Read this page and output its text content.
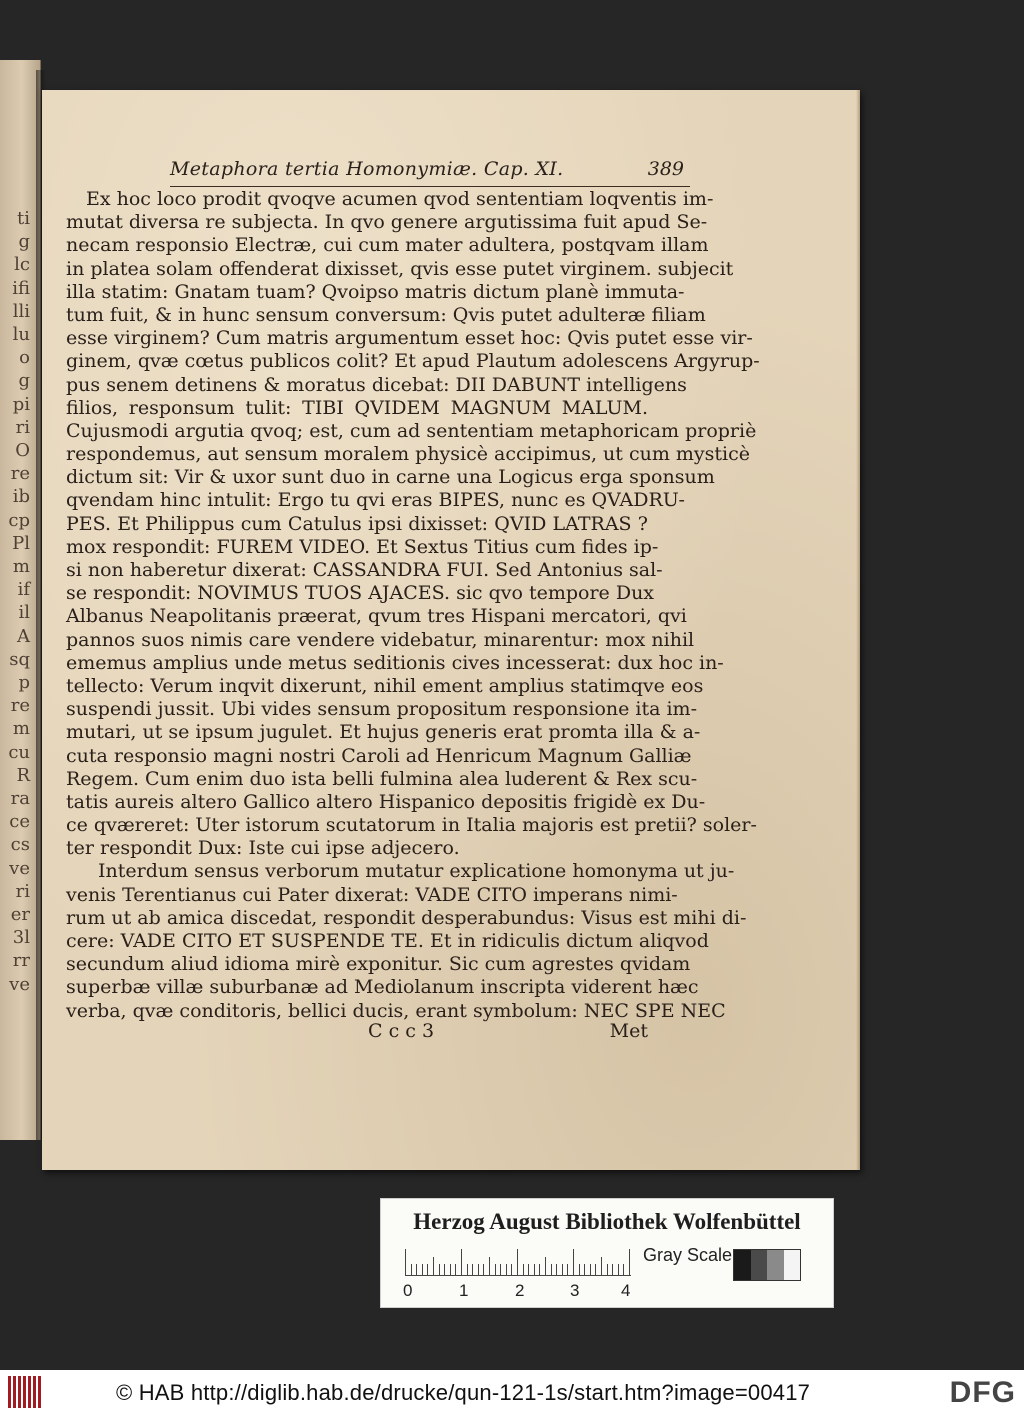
ti
g
lc
ifi
lli
lu
o
g
pi
ri
O
re
ib
cp
Pl
m
if
il
A
sq
p
re
m
cu
R
ra
ce
cs
ve
ri
er
3l
rr
ve
Metaphora tertia Homonymiæ. Cap. XI.	389
Ex hoc loco prodit qvoqve acumen qvod sententiam loqventis im-
mutat diversa re subjecta. In qvo genere argutissima fuit apud Se-
necam responsio Electræ, cui cum mater adultera, postqvam illam
in platea solam offenderat dixisset, qvis esse putet virginem. subjecit
illa statim: Gnatam tuam? Qvoipso matris dictum planè immuta-
tum fuit, & in hunc sensum conversum: Qvis putet adulteræ filiam
esse virginem? Cum matris argumentum esset hoc: Qvis putet esse vir-
ginem, qvæ cœtus publicos colit? Et apud Plautum adolescens Argyrup-
pus senem detinens & moratus dicebat: DII DABUNT intelligens
filios, responsum tulit: TIBI QVIDEM MAGNUM MALUM.
Cujusmodi argutia qvoq; est, cum ad sententiam metaphoricam propriè
respondemus, aut sensum moralem physicè accipimus, ut cum mysticè
dictum sit: Vir & uxor sunt duo in carne una Logicus erga sponsum
qvendam hinc intulit: Ergo tu qvi eras BIPES, nunc es QVADRU-
PES. Et Philippus cum Catulus ipsi dixisset: QVID LATRAS ?
mox respondit: FUREM VIDEO. Et Sextus Titius cum fides ip-
si non haberetur dixerat: CASSANDRA FUI. Sed Antonius sal-
se respondit: NOVIMUS TUOS AJACES. sic qvo tempore Dux
Albanus Neapolitanis præerat, qvum tres Hispani mercatori, qvi
pannos suos nimis care vendere videbatur, minarentur: mox nihil
ememus amplius unde metus seditionis cives incesserat: dux hoc in-
tellecto: Verum inqvit dixerunt, nihil ement amplius statimqve eos
suspendi jussit. Ubi vides sensum propositum responsione ita im-
mutari, ut se ipsum jugulet. Et hujus generis erat promta illa & a-
cuta responsio magni nostri Caroli ad Henricum Magnum Galliæ
Regem. Cum enim duo ista belli fulmina alea luderent & Rex scu-
tatis aureis altero Gallico altero Hispanico depositis frigidè ex Du-
ce qværeret: Uter istorum scutatorum in Italia majoris est pretii? soler-
ter respondit Dux: Iste cui ipse adjecero.
Interdum sensus verborum mutatur explicatione homonyma ut ju-
venis Terentianus cui Pater dixerat: VADE CITO imperans nimi-
rum ut ab amica discedat, respondit desperabundus: Visus est mihi di-
cere: VADE CITO ET SUSPENDE TE. Et in ridiculis dictum aliqvod
secundum aliud idioma mirè exponitur. Sic cum agrestes qvidam
superbæ villæ suburbanæ ad Mediolanum inscripta viderent hæc
verba, qvæ conditoris, bellici ducis, erant symbolum: NEC SPE NEC
C c c 3	Met
Herzog August Bibliothek Wolfenbüttel
0	1	2	3 4
Gray Scale
© HAB http://diglib.hab.de/drucke/qun-121-1s/start.htm?image=00417	DFG
